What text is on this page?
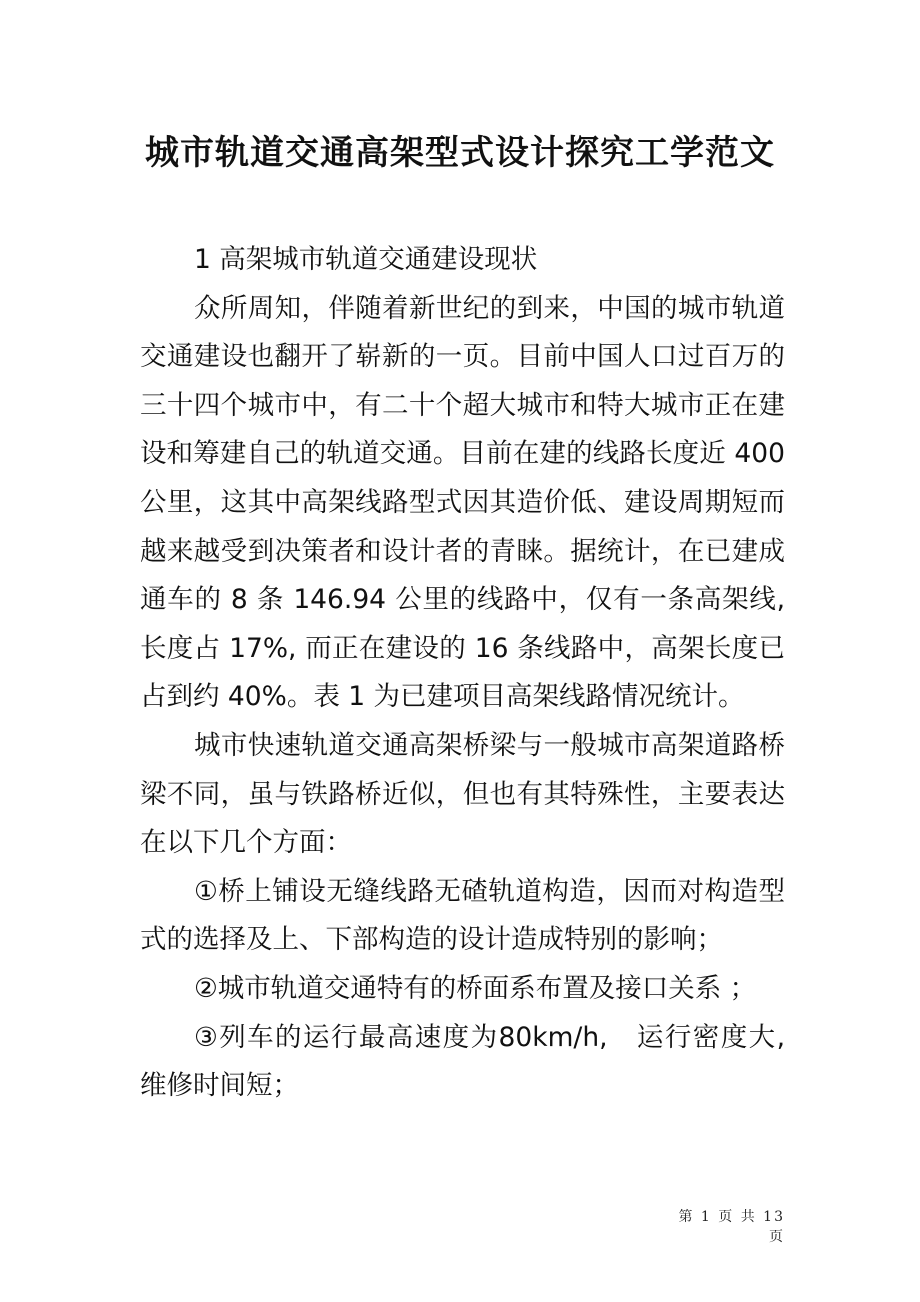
城市轨道交通高架型式设计探究工学范文

1 高架城市轨道交通建设现状

众所周知，伴随着新世纪的到来，中国的城市轨道交通建设也翻开了崭新的一页。目前中国人口过百万的三十四个城市中，有二十个超大城市和特大城市正在建设和筹建自己的轨道交通。目前在建的线路长度近 400 公里，这其中高架线路型式因其造价低、建设周期短而越来越受到决策者和设计者的青睐。据统计，在已建成通车的 8 条 146.94 公里的线路中，仅有一条高架线, 长度占 17%, 而正在建设的 16 条线路中，高架长度已占到约 40%。表 1 为已建项目高架线路情况统计。

城市快速轨道交通高架桥梁与一般城市高架道路桥梁不同，虽与铁路桥近似，但也有其特殊性，主要表达在以下几个方面：

①桥上铺设无缝线路无碴轨道构造，因而对构造型式的选择及上、下部构造的设计造成特别的影响；

②城市轨道交通特有的桥面系布置及接口关系 ；

③列车的运行最高速度为80km/h,　运行密度大, 维修时间短；

第 1 页 共 13 页
